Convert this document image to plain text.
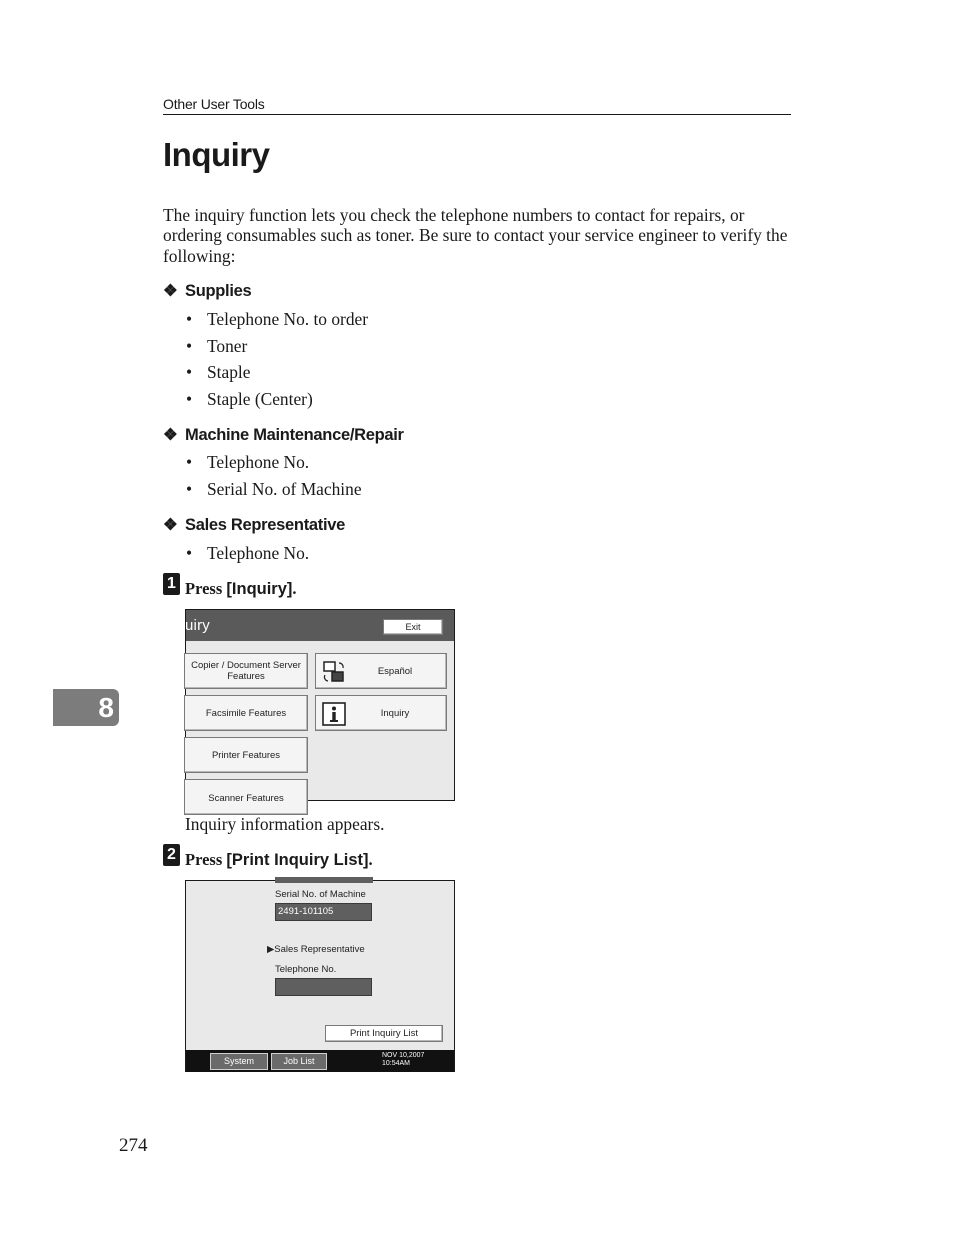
Other User Tools
Inquiry

The inquiry function lets you check the telephone numbers to contact for repairs, or ordering consumables such as toner. Be sure to contact your service engineer to verify the following:

❖ Supplies
• Telephone No. to order
• Toner
• Staple
• Staple (Center)
❖ Machine Maintenance/Repair
• Telephone No.
• Serial No. of Machine
❖ Sales Representative
• Telephone No.
1 Press [Inquiry].
uiry	Exit
Copier / Document Server
Features	Español
Facsimile Features	Inquiry
Printer Features
Scanner Features
Inquiry information appears.
2 Press [Print Inquiry List].
Serial No. of Machine
2491-101105
▶Sales Representative
Telephone No.
Print Inquiry List
System Status
Job List
NOV 10,2007
10:54AM
8
274
